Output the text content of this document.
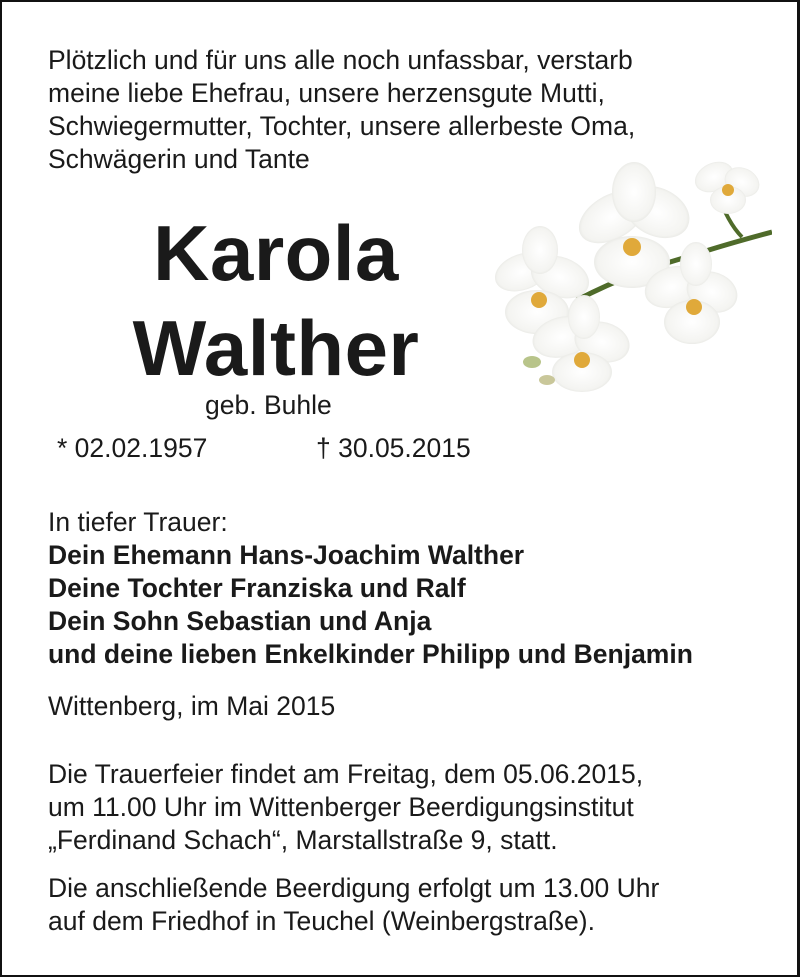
Plötzlich und für uns alle noch unfassbar, verstarb
meine liebe Ehefrau, unsere herzensgute Mutti,
Schwiegermutter, Tochter, unsere allerbeste Oma,
Schwägerin und Tante
Karola
Walther
geb. Buhle
* 02.02.1957	† 30.05.2015
In tiefer Trauer:
Dein Ehemann Hans-Joachim Walther
Deine Tochter Franziska und Ralf
Dein Sohn Sebastian und Anja
und deine lieben Enkelkinder Philipp und Benjamin
Wittenberg, im Mai 2015
Die Trauerfeier findet am Freitag, dem 05.06.2015,
um 11.00 Uhr im Wittenberger Beerdigungsinstitut
„Ferdinand Schach“, Marstallstraße 9, statt.
Die anschließende Beerdigung erfolgt um 13.00 Uhr
auf dem Friedhof in Teuchel (Weinbergstraße).
